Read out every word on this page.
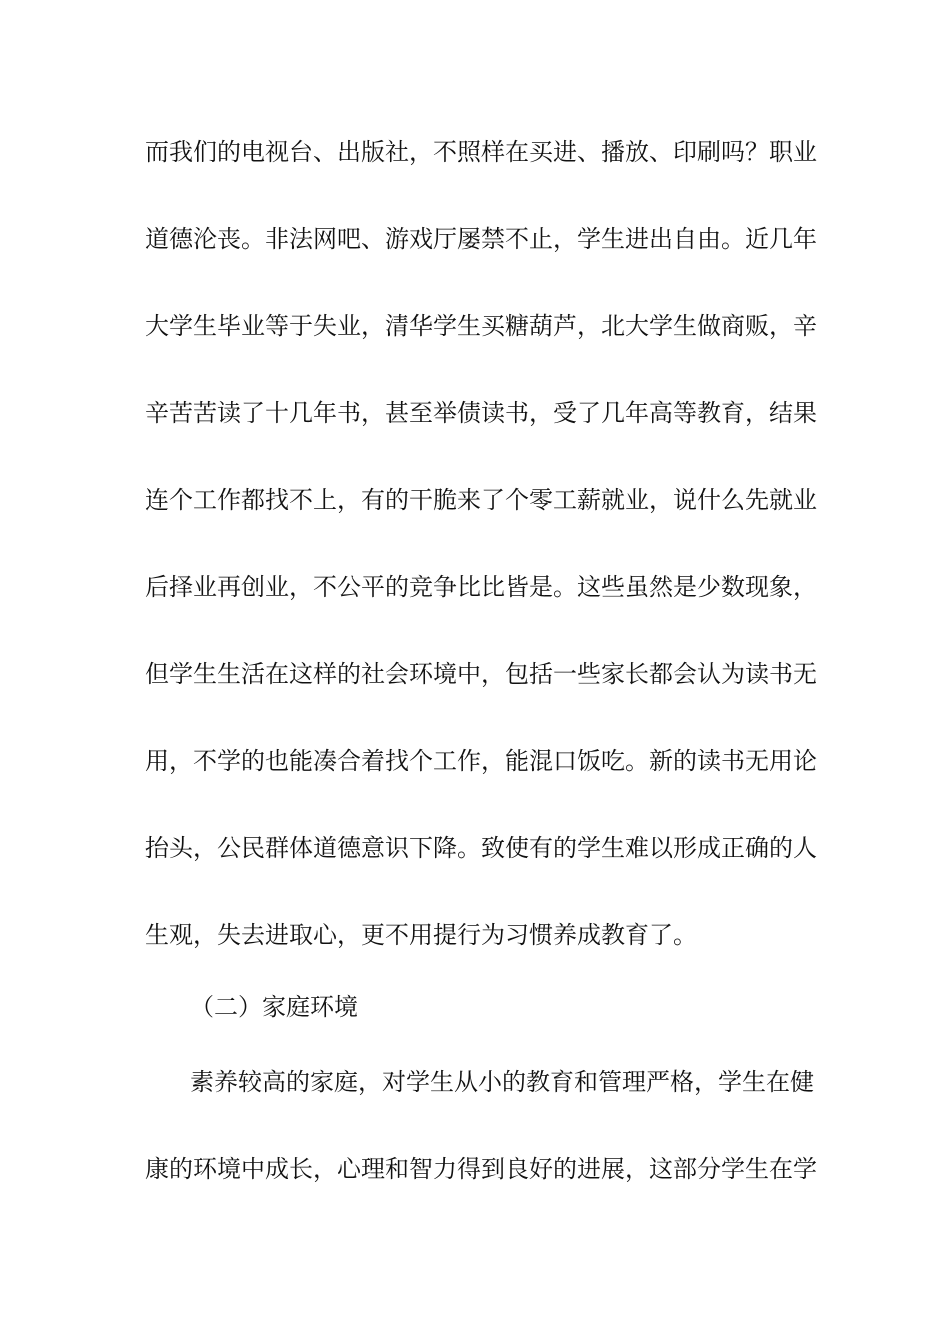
而我们的电视台、出版社，不照样在买进、播放、印刷吗？职业
道德沦丧。非法网吧、游戏厅屡禁不止，学生进出自由。近几年
大学生毕业等于失业，清华学生买糖葫芦，北大学生做商贩，辛
辛苦苦读了十几年书，甚至举债读书，受了几年高等教育，结果
连个工作都找不上，有的干脆来了个零工薪就业，说什么先就业
后择业再创业，不公平的竞争比比皆是。这些虽然是少数现象，
但学生生活在这样的社会环境中，包括一些家长都会认为读书无
用，不学的也能凑合着找个工作，能混口饭吃。新的读书无用论
抬头，公民群体道德意识下降。致使有的学生难以形成正确的人
生观，失去进取心，更不用提行为习惯养成教育了。
（二）家庭环境
素养较高的家庭，对学生从小的教育和管理严格，学生在健
康的环境中成长，心理和智力得到良好的进展，这部分学生在学
